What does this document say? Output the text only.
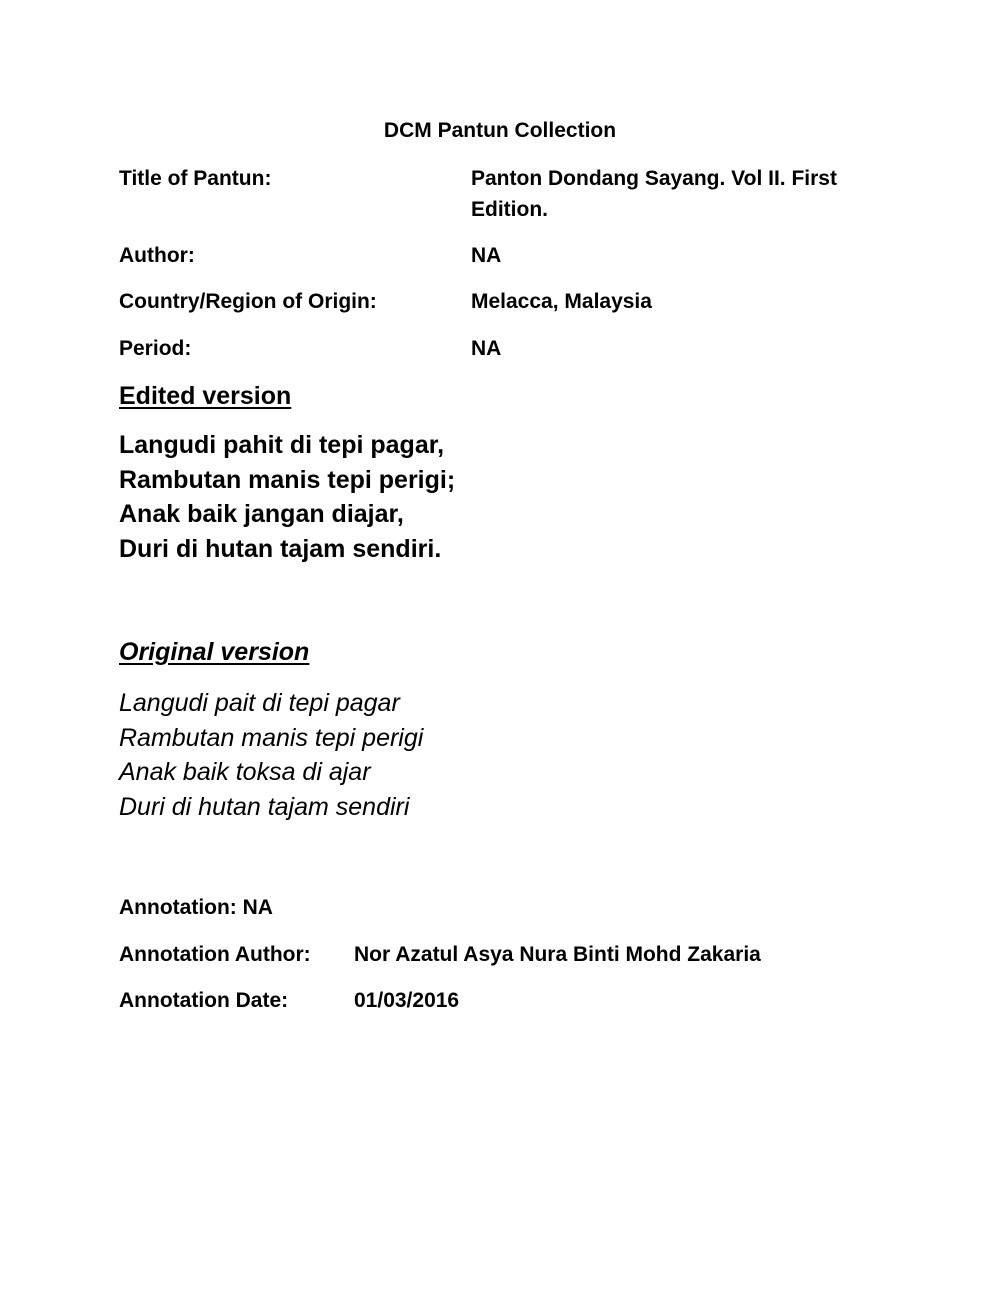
DCM Pantun Collection
Title of Pantun:	Panton Dondang Sayang. Vol II. First Edition.
Author:	NA
Country/Region of Origin:	Melacca, Malaysia
Period:	NA
Edited version
Langudi pahit di tepi pagar,
Rambutan manis tepi perigi;
Anak baik jangan diajar,
Duri di hutan tajam sendiri.
Original version
Langudi pait di tepi pagar
Rambutan manis tepi perigi
Anak baik toksa di ajar
Duri di hutan tajam sendiri
Annotation: NA
Annotation Author: Nor Azatul Asya Nura Binti Mohd Zakaria
Annotation Date:	01/03/2016
